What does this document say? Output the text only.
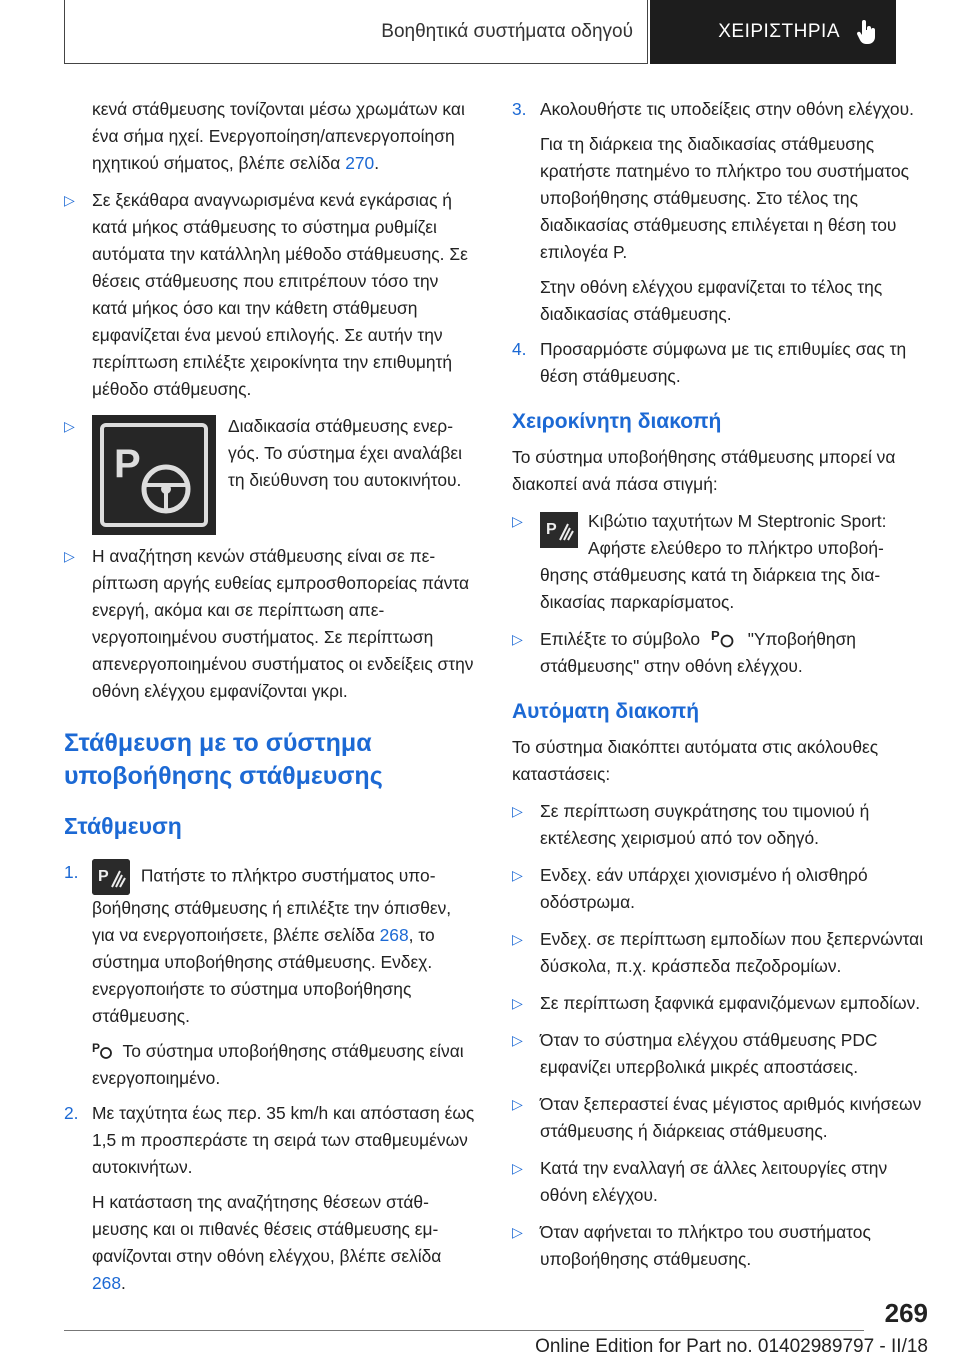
Βοηθητικά συστήματα οδηγού	ΧΕΙΡΙΣΤΗΡΙΑ

κενά στάθμευσης τονίζονται μέσω χρωμάτων και ένα σήμα ηχεί. Ενεργοποίηση/απενεργοποίηση ηχητικού σήματος, βλέπε σελίδα 270.

▷ Σε ξεκάθαρα αναγνωρισμένα κενά εγκάρσιας ή κατά μήκος στάθμευσης το σύστημα ρυθμίζει αυτόματα την κατάλληλη μέθοδο στάθμευσης. Σε θέσεις στάθμευσης που επιτρέπουν τόσο την κατά μήκος όσο και την κάθετη στάθμευση εμφανίζεται ένα μενού επιλογής. Σε αυτήν την περίπτωση επιλέξτε χειροκίνητα την επιθυμητή μέθοδο στάθμευσης.
▷
P
Διαδικασία στάθμευσης ενεργός. Το σύστημα έχει αναλάβει τη διεύθυνση του αυτοκινήτου.
▷ Η αναζήτηση κενών στάθμευσης είναι σε περίπτωση αργής ευθείας εμπροσθοπορείας πάντα ενεργή, ακόμα και σε περίπτωση απενεργοποιημένου συστήματος. Σε περίπτωση απενεργοποιημένου συστήματος οι ενδείξεις στην οθόνη ελέγχου εμφανίζονται γκρι.
Στάθμευση με το σύστημα υποβοήθησης στάθμευσης
Στάθμευση
1. P Πατήστε το πλήκτρο συστήματος υποβοήθησης στάθμευσης ή επιλέξτε την όπισθεν, για να ενεργοποιήσετε, βλέπε σελίδα 268, το σύστημα υποβοήθησης στάθμευσης. Ενδεχ. ενεργοποιήστε το σύστημα υποβοήθησης στάθμευσης.
P Το σύστημα υποβοήθησης στάθμευσης είναι ενεργοποιημένο.
2. Με ταχύτητα έως περ. 35 km/h και απόσταση έως 1,5 m προσπεράστε τη σειρά των σταθμευμένων αυτοκινήτων.
Η κατάσταση της αναζήτησης θέσεων στάθμευσης και οι πιθανές θέσεις στάθμευσης εμφανίζονται στην οθόνη ελέγχου, βλέπε σελίδα 268.
3. Ακολουθήστε τις υποδείξεις στην οθόνη ελέγχου.
Για τη διάρκεια της διαδικασίας στάθμευσης κρατήστε πατημένο το πλήκτρο του συστήματος υποβοήθησης στάθμευσης. Στο τέλος της διαδικασίας στάθμευσης επιλέγεται η θέση του επιλογέα P.
Στην οθόνη ελέγχου εμφανίζεται το τέλος της διαδικασίας στάθμευσης.
4. Προσαρμόστε σύμφωνα με τις επιθυμίες σας τη θέση στάθμευσης.
Χειροκίνητη διακοπή

Το σύστημα υποβοήθησης στάθμευσης μπορεί να διακοπεί ανά πάσα στιγμή:

▷ P Κιβώτιο ταχυτήτων M Steptronic Sport: Αφήστε ελεύθερο το πλήκτρο υποβοήθησης στάθμευσης κατά τη διάρκεια της διαδικασίας παρκαρίσματος.
▷ Επιλέξτε το σύμβολο P "Υποβοήθηση στάθμευσης" στην οθόνη ελέγχου.
Αυτόματη διακοπή

Το σύστημα διακόπτει αυτόματα στις ακόλουθες καταστάσεις:

▷ Σε περίπτωση συγκράτησης του τιμονιού ή εκτέλεσης χειρισμού από τον οδηγό.
▷ Ενδεχ. εάν υπάρχει χιονισμένο ή ολισθηρό οδόστρωμα.
▷ Ενδεχ. σε περίπτωση εμποδίων που ξεπερνώνται δύσκολα, π.χ. κράσπεδα πεζοδρομίων.
▷ Σε περίπτωση ξαφνικά εμφανιζόμενων εμποδίων.
▷ Όταν το σύστημα ελέγχου στάθμευσης PDC εμφανίζει υπερβολικά μικρές αποστάσεις.
▷ Όταν ξεπεραστεί ένας μέγιστος αριθμός κινήσεων στάθμευσης ή διάρκειας στάθμευσης.
▷ Κατά την εναλλαγή σε άλλες λειτουργίες στην οθόνη ελέγχου.
▷ Όταν αφήνεται το πλήκτρο του συστήματος υποβοήθησης στάθμευσης.
269
Online Edition for Part no. 01402989797 - II/18
